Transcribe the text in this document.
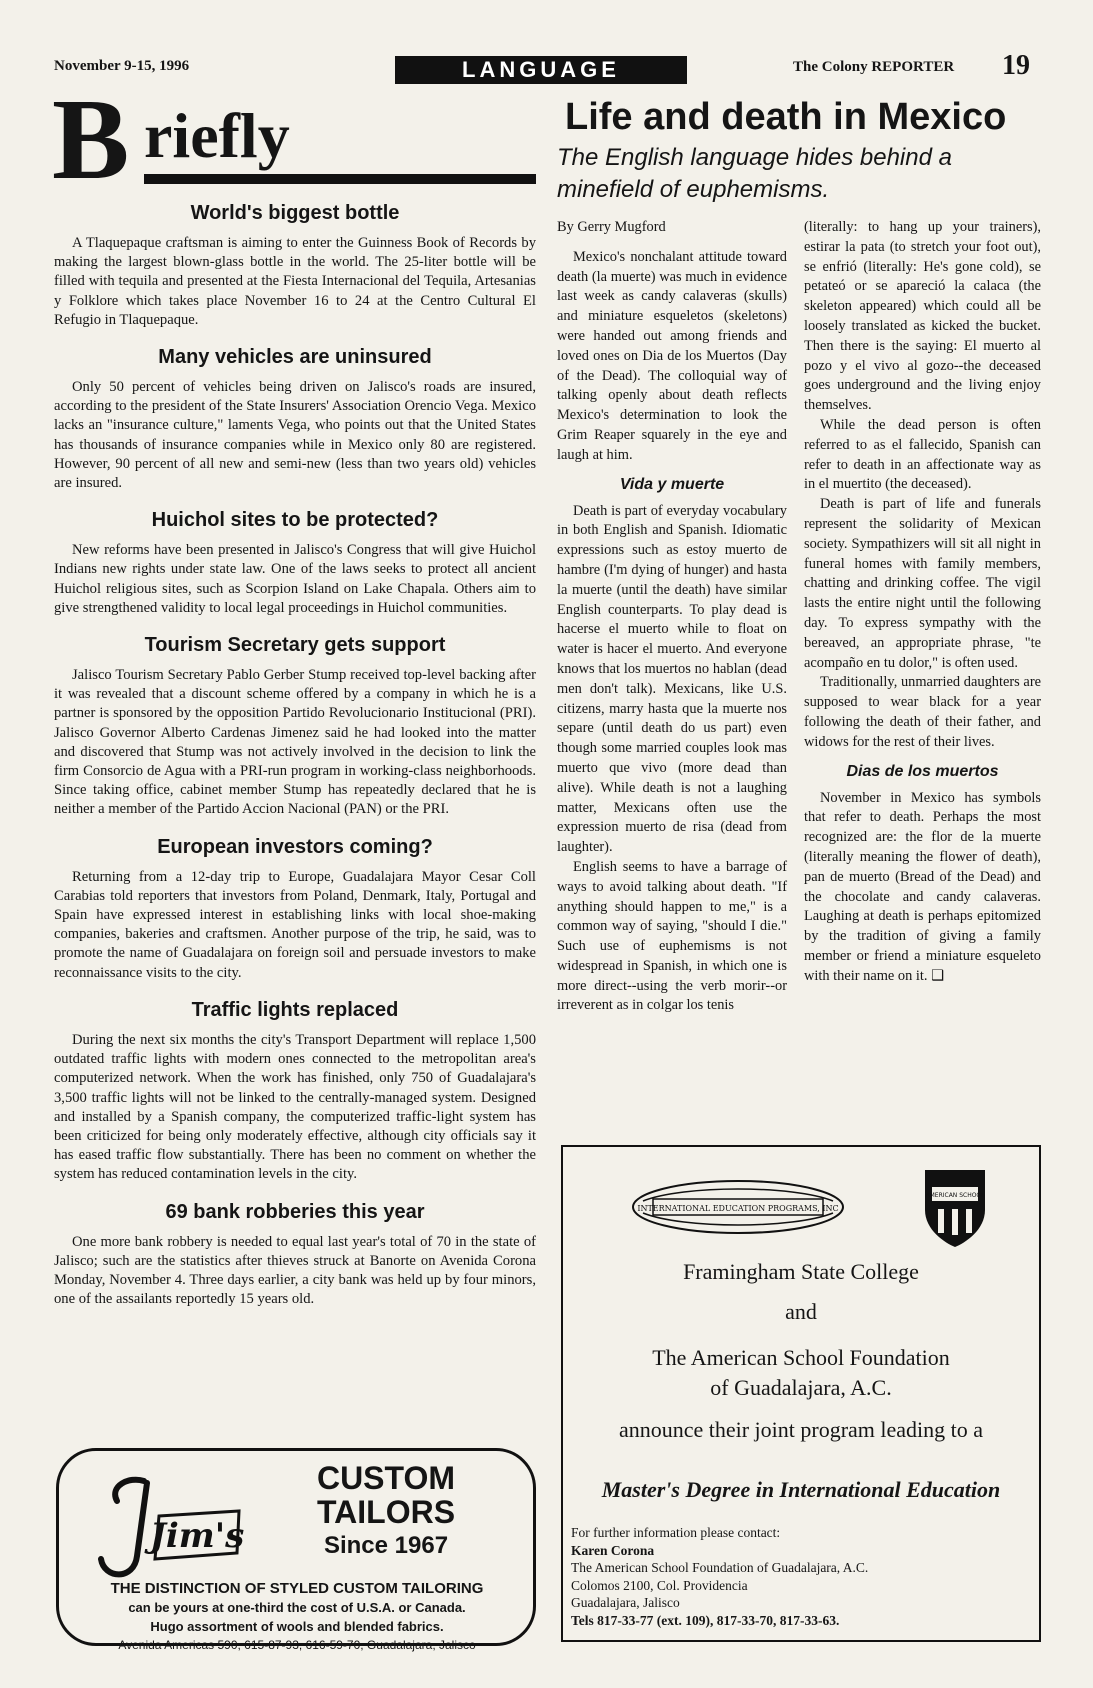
November 9-15, 1996	LANGUAGE	The Colony REPORTER 19
B riefly
World's biggest bottle

A Tlaquepaque craftsman is aiming to enter the Guinness Book of Records by making the largest blown-glass bottle in the world. The 25-liter bottle will be filled with tequila and presented at the Fiesta Internacional del Tequila, Artesanias y Folklore which takes place November 16 to 24 at the Centro Cultural El Refugio in Tlaquepaque.

Many vehicles are uninsured

Only 50 percent of vehicles being driven on Jalisco's roads are insured, according to the president of the State Insurers' Association Orencio Vega. Mexico lacks an "insurance culture," laments Vega, who points out that the United States has thousands of insurance companies while in Mexico only 80 are registered. However, 90 percent of all new and semi-new (less than two years old) vehicles are insured.

Huichol sites to be protected?

New reforms have been presented in Jalisco's Congress that will give Huichol Indians new rights under state law. One of the laws seeks to protect all ancient Huichol religious sites, such as Scorpion Island on Lake Chapala. Others aim to give strengthened validity to local legal proceedings in Huichol communities.

Tourism Secretary gets support

Jalisco Tourism Secretary Pablo Gerber Stump received top-level backing after it was revealed that a discount scheme offered by a company in which he is a partner is sponsored by the opposition Partido Revolucionario Institucional (PRI). Jalisco Governor Alberto Cardenas Jimenez said he had looked into the matter and discovered that Stump was not actively involved in the decision to link the firm Consorcio de Agua with a PRI-run program in working-class neighborhoods. Since taking office, cabinet member Stump has repeatedly declared that he is neither a member of the Partido Accion Nacional (PAN) or the PRI.

European investors coming?

Returning from a 12-day trip to Europe, Guadalajara Mayor Cesar Coll Carabias told reporters that investors from Poland, Denmark, Italy, Portugal and Spain have expressed interest in establishing links with local shoe-making companies, bakeries and craftsmen. Another purpose of the trip, he said, was to promote the name of Guadalajara on foreign soil and persuade investors to make reconnaissance visits to the city.

Traffic lights replaced

During the next six months the city's Transport Department will replace 1,500 outdated traffic lights with modern ones connected to the metropolitan area's computerized network. When the work has finished, only 750 of Guadalajara's 3,500 traffic lights will not be linked to the centrally-managed system. Designed and installed by a Spanish company, the computerized traffic-light system has been criticized for being only moderately effective, although city officials say it has eased traffic flow substantially. There has been no comment on whether the system has reduced contamination levels in the city.

69 bank robberies this year

One more bank robbery is needed to equal last year's total of 70 in the state of Jalisco; such are the statistics after thieves struck at Banorte on Avenida Corona Monday, November 4. Three days earlier, a city bank was held up by four minors, one of the assailants reportedly 15 years old.

Life and death in Mexico
The English language hides behind a minefield of euphemisms.

By Gerry Mugford

Mexico's nonchalant attitude toward death (la muerte) was much in evidence last week as candy calaveras (skulls) and miniature esqueletos (skeletons) were handed out among friends and loved ones on Dia de los Muertos (Day of the Dead). The colloquial way of talking openly about death reflects Mexico's determination to look the Grim Reaper squarely in the eye and laugh at him.

Vida y muerte

Death is part of everyday vocabulary in both English and Spanish. Idiomatic expressions such as estoy muerto de hambre (I'm dying of hunger) and hasta la muerte (until the death) have similar English counterparts. To play dead is hacerse el muerto while to float on water is hacer el muerto. And everyone knows that los muertos no hablan (dead men don't talk). Mexicans, like U.S. citizens, marry hasta que la muerte nos separe (until death do us part) even though some married couples look mas muerto que vivo (more dead than alive). While death is not a laughing matter, Mexicans often use the expression muerto de risa (dead from laughter).

English seems to have a barrage of ways to avoid talking about death. "If anything should happen to me," is a common way of saying, "should I die." Such use of euphemisms is not widespread in Spanish, in which one is more direct--using the verb morir--or irreverent as in colgar los tenis

(literally: to hang up your trainers), estirar la pata (to stretch your foot out), se enfrió (literally: He's gone cold), se petateó or se apareció la calaca (the skeleton appeared) which could all be loosely translated as kicked the bucket. Then there is the saying: El muerto al pozo y el vivo al gozo--the deceased goes underground and the living enjoy themselves.

While the dead person is often referred to as el fallecido, Spanish can refer to death in an affectionate way as in el muertito (the deceased).

Death is part of life and funerals represent the solidarity of Mexican society. Sympathizers will sit all night in funeral homes with family members, chatting and drinking coffee. The vigil lasts the entire night until the following day. To express sympathy with the bereaved, an appropriate phrase, "te acompaño en tu dolor," is often used.

Traditionally, unmarried daughters are supposed to wear black for a year following the death of their father, and widows for the rest of their lives.

Dias de los muertos

November in Mexico has symbols that refer to death. Perhaps the most recognized are: the flor de la muerte (literally meaning the flower of death), pan de muerto (Bread of the Dead) and the chocolate and candy calaveras. Laughing at death is perhaps epitomized by the tradition of giving a family member or friend a miniature esqueleto with their name on it. ❑

Jim's
CUSTOM
TAILORS
Since 1967
THE DISTINCTION OF STYLED CUSTOM TAILORING
can be yours at one-third the cost of U.S.A. or Canada.
Hugo assortment of wools and blended fabrics.
Avenida Americas 590, 615-87-93, 616-59-70, Guadalajara, Jalisco
INTERNATIONAL EDUCATION PROGRAMS, INC
AMERICAN SCHOOL
Framingham State College
and
The American School Foundation
of Guadalajara, A.C.
announce their joint program leading to a
Master's Degree in International Education
For further information please contact:
Karen Corona
The American School Foundation of Guadalajara, A.C.
Colomos 2100, Col. Providencia
Guadalajara, Jalisco
Tels 817-33-77 (ext. 109), 817-33-70, 817-33-63.
